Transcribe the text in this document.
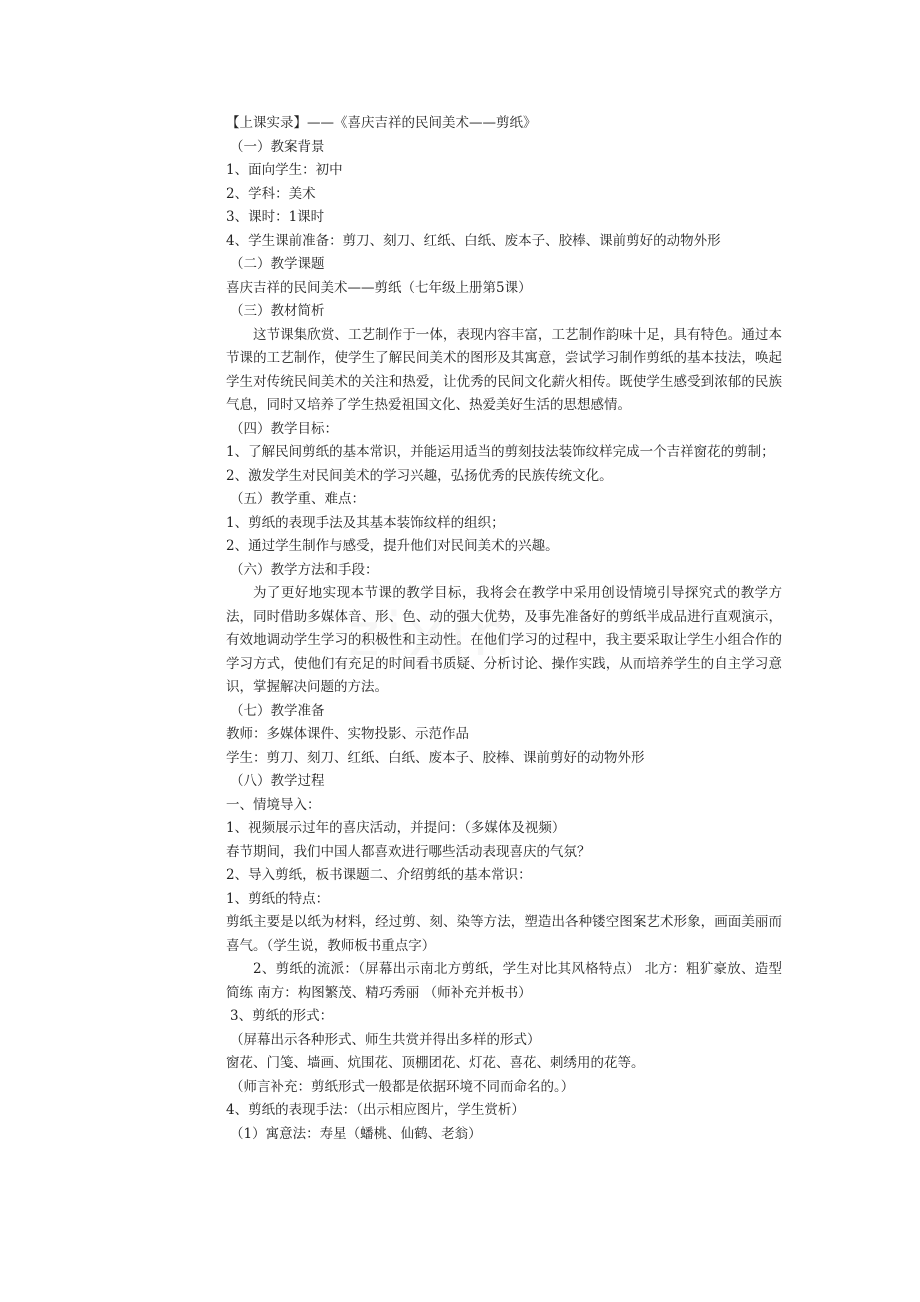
【上课实录】——《喜庆吉祥的民间美术——剪纸》
（一）教案背景
1、面向学生：初中
2、学科：美术
3、课时：1课时
4、学生课前准备：剪刀、刻刀、红纸、白纸、废本子、胶棒、课前剪好的动物外形
（二）教学课题
喜庆吉祥的民间美术——剪纸（七年级上册第5课）
（三）教材简析
这节课集欣赏、工艺制作于一体，表现内容丰富，工艺制作韵味十足，具有特色。通过本节课的工艺制作，使学生了解民间美术的图形及其寓意，尝试学习制作剪纸的基本技法，唤起学生对传统民间美术的关注和热爱，让优秀的民间文化薪火相传。既使学生感受到浓郁的民族气息，同时又培养了学生热爱祖国文化、热爱美好生活的思想感情。
（四）教学目标：
1、了解民间剪纸的基本常识，并能运用适当的剪刻技法装饰纹样完成一个吉祥窗花的剪制；
2、激发学生对民间美术的学习兴趣，弘扬优秀的民族传统文化。
（五）教学重、难点：
1、剪纸的表现手法及其基本装饰纹样的组织；
2、通过学生制作与感受，提升他们对民间美术的兴趣。
（六）教学方法和手段：
为了更好地实现本节课的教学目标，我将会在教学中采用创设情境引导探究式的教学方法，同时借助多媒体音、形、色、动的强大优势，及事先准备好的剪纸半成品进行直观演示，有效地调动学生学习的积极性和主动性。在他们学习的过程中，我主要采取让学生小组合作的学习方式，使他们有充足的时间看书质疑、分析讨论、操作实践，从而培养学生的自主学习意识，掌握解决问题的方法。
（七）教学准备
教师：多媒体课件、实物投影、示范作品
学生：剪刀、刻刀、红纸、白纸、废本子、胶棒、课前剪好的动物外形
（八）教学过程
一、情境导入：
1、视频展示过年的喜庆活动，并提问：（多媒体及视频）
春节期间，我们中国人都喜欢进行哪些活动表现喜庆的气氛？
2、导入剪纸，板书课题二、介绍剪纸的基本常识：
1、剪纸的特点：
剪纸主要是以纸为材料，经过剪、刻、染等方法，塑造出各种镂空图案艺术形象，画面美丽而喜气。（学生说，教师板书重点字）
2、剪纸的流派：（屏幕出示南北方剪纸，学生对比其风格特点） 北方：粗犷豪放、造型简练 南方：构图繁茂、精巧秀丽 （师补充并板书）
3、剪纸的形式：
（屏幕出示各种形式、师生共赏并得出多样的形式）
窗花、门笺、墙画、炕围花、顶棚团花、灯花、喜花、刺绣用的花等。
（师言补充：剪纸形式一般都是依据环境不同而命名的。）
4、剪纸的表现手法：（出示相应图片，学生赏析）
（1）寓意法：寿星（蟠桃、仙鹤、老翁）
